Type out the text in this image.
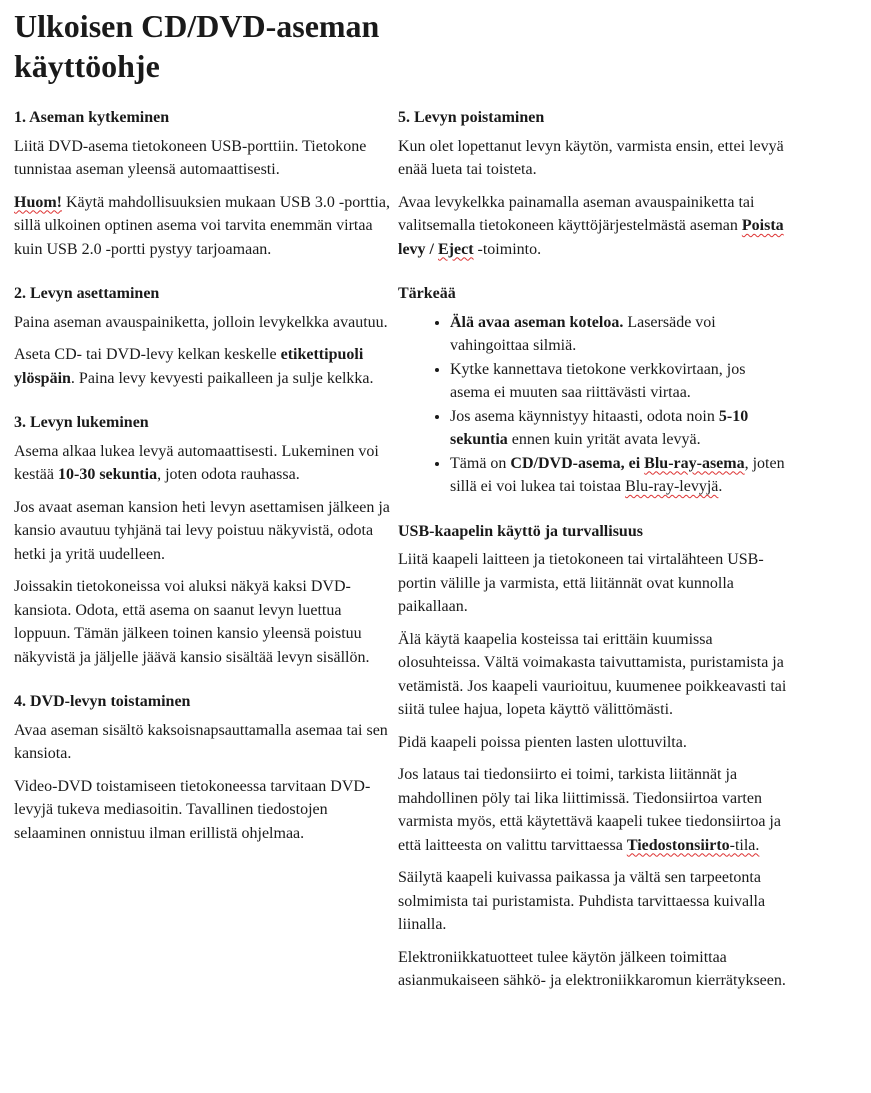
Ulkoisen CD/DVD-aseman käyttöohje
1. Aseman kytkeminen

Liitä DVD-asema tietokoneen USB-porttiin. Tietokone tunnistaa aseman yleensä automaattisesti.

Huom! Käytä mahdollisuuksien mukaan USB 3.0 -porttia, sillä ulkoinen optinen asema voi tarvita enemmän virtaa kuin USB 2.0 -portti pystyy tarjoamaan.

2. Levyn asettaminen

Paina aseman avauspainiketta, jolloin levykelkka avautuu.

Aseta CD- tai DVD-levy kelkan keskelle etikettipuoli ylöspäin. Paina levy kevyesti paikalleen ja sulje kelkka.

3. Levyn lukeminen

Asema alkaa lukea levyä automaattisesti. Lukeminen voi kestää 10-30 sekuntia, joten odota rauhassa.

Jos avaat aseman kansion heti levyn asettamisen jälkeen ja kansio avautuu tyhjänä tai levy poistuu näkyvistä, odota hetki ja yritä uudelleen.

Joissakin tietokoneissa voi aluksi näkyä kaksi DVD-kansiota. Odota, että asema on saanut levyn luettua loppuun. Tämän jälkeen toinen kansio yleensä poistuu näkyvistä ja jäljelle jäävä kansio sisältää levyn sisällön.

4. DVD-levyn toistaminen

Avaa aseman sisältö kaksoisnapsauttamalla asemaa tai sen kansiota.

Video-DVD toistamiseen tietokoneessa tarvitaan DVD-levyjä tukeva mediasoitin. Tavallinen tiedostojen selaaminen onnistuu ilman erillistä ohjelmaa.

5. Levyn poistaminen

Kun olet lopettanut levyn käytön, varmista ensin, ettei levyä enää lueta tai toisteta.

Avaa levykelkka painamalla aseman avauspainiketta tai valitsemalla tietokoneen käyttöjärjestelmästä aseman Poista levy / Eject -toiminto.

Tärkeää
• Älä avaa aseman koteloa. Lasersäde voi vahingoittaa silmiä.
• Kytke kannettava tietokone verkkovirtaan, jos asema ei muuten saa riittävästi virtaa.
• Jos asema käynnistyy hitaasti, odota noin 5-10 sekuntia ennen kuin yrität avata levyä.
• Tämä on CD/DVD-asema, ei Blu-ray-asema, joten sillä ei voi lukea tai toistaa Blu-ray-levyjä.
USB-kaapelin käyttö ja turvallisuus

Liitä kaapeli laitteen ja tietokoneen tai virtalähteen USB-portin välille ja varmista, että liitännät ovat kunnolla paikallaan.

Älä käytä kaapelia kosteissa tai erittäin kuumissa olosuhteissa. Vältä voimakasta taivuttamista, puristamista ja vetämistä. Jos kaapeli vaurioituu, kuumenee poikkeavasti tai siitä tulee hajua, lopeta käyttö välittömästi.

Pidä kaapeli poissa pienten lasten ulottuvilta.

Jos lataus tai tiedonsiirto ei toimi, tarkista liitännät ja mahdollinen pöly tai lika liittimissä. Tiedonsiirtoa varten varmista myös, että käytettävä kaapeli tukee tiedonsiirtoa ja että laitteesta on valittu tarvittaessa Tiedostonsiirto-tila.

Säilytä kaapeli kuivassa paikassa ja vältä sen tarpeetonta solmimista tai puristamista. Puhdista tarvittaessa kuivalla liinalla.

Elektroniikkatuotteet tulee käytön jälkeen toimittaa asianmukaiseen sähkö- ja elektroniikkaromun kierrätykseen.
